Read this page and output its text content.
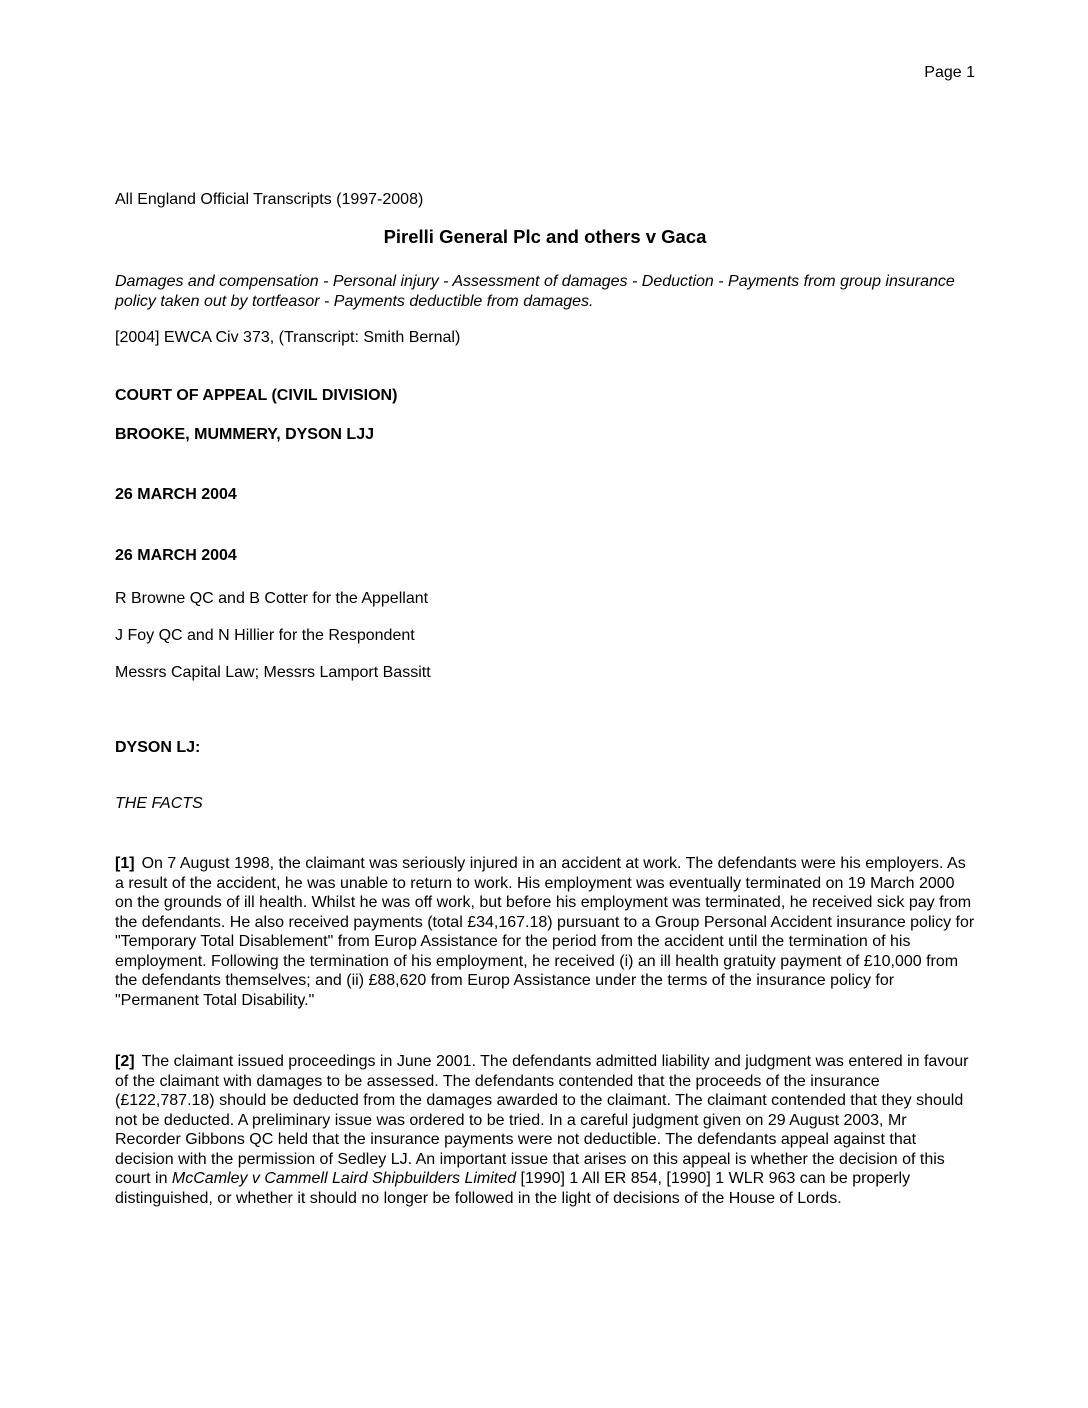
Page 1
All England Official Transcripts (1997-2008)
Pirelli General Plc and others v Gaca
Damages and compensation - Personal injury - Assessment of damages - Deduction - Payments from group insurance policy taken out by tortfeasor - Payments deductible from damages.
[2004] EWCA Civ 373, (Transcript: Smith Bernal)
COURT OF APPEAL (CIVIL DIVISION)
BROOKE, MUMMERY, DYSON LJJ
26 MARCH 2004
26 MARCH 2004
R Browne QC and B Cotter for the Appellant
J Foy QC and N Hillier for the Respondent
Messrs Capital Law; Messrs Lamport Bassitt
DYSON LJ:
THE FACTS
[1] On 7 August 1998, the claimant was seriously injured in an accident at work. The defendants were his employers. As a result of the accident, he was unable to return to work. His employment was eventually terminated on 19 March 2000 on the grounds of ill health. Whilst he was off work, but before his employment was terminated, he received sick pay from the defendants. He also received payments (total £34,167.18) pursuant to a Group Personal Accident insurance policy for "Temporary Total Disablement" from Europ Assistance for the period from the accident until the termination of his employment. Following the termination of his employment, he received (i) an ill health gratuity payment of £10,000 from the defendants themselves; and (ii) £88,620 from Europ Assistance under the terms of the insurance policy for "Permanent Total Disability."
[2] The claimant issued proceedings in June 2001. The defendants admitted liability and judgment was entered in favour of the claimant with damages to be assessed. The defendants contended that the proceeds of the insurance (£122,787.18) should be deducted from the damages awarded to the claimant. The claimant contended that they should not be deducted. A preliminary issue was ordered to be tried. In a careful judgment given on 29 August 2003, Mr Recorder Gibbons QC held that the insurance payments were not deductible. The defendants appeal against that decision with the permission of Sedley LJ. An important issue that arises on this appeal is whether the decision of this court in McCamley v Cammell Laird Shipbuilders Limited [1990] 1 All ER 854, [1990] 1 WLR 963 can be properly distinguished, or whether it should no longer be followed in the light of decisions of the House of Lords.
